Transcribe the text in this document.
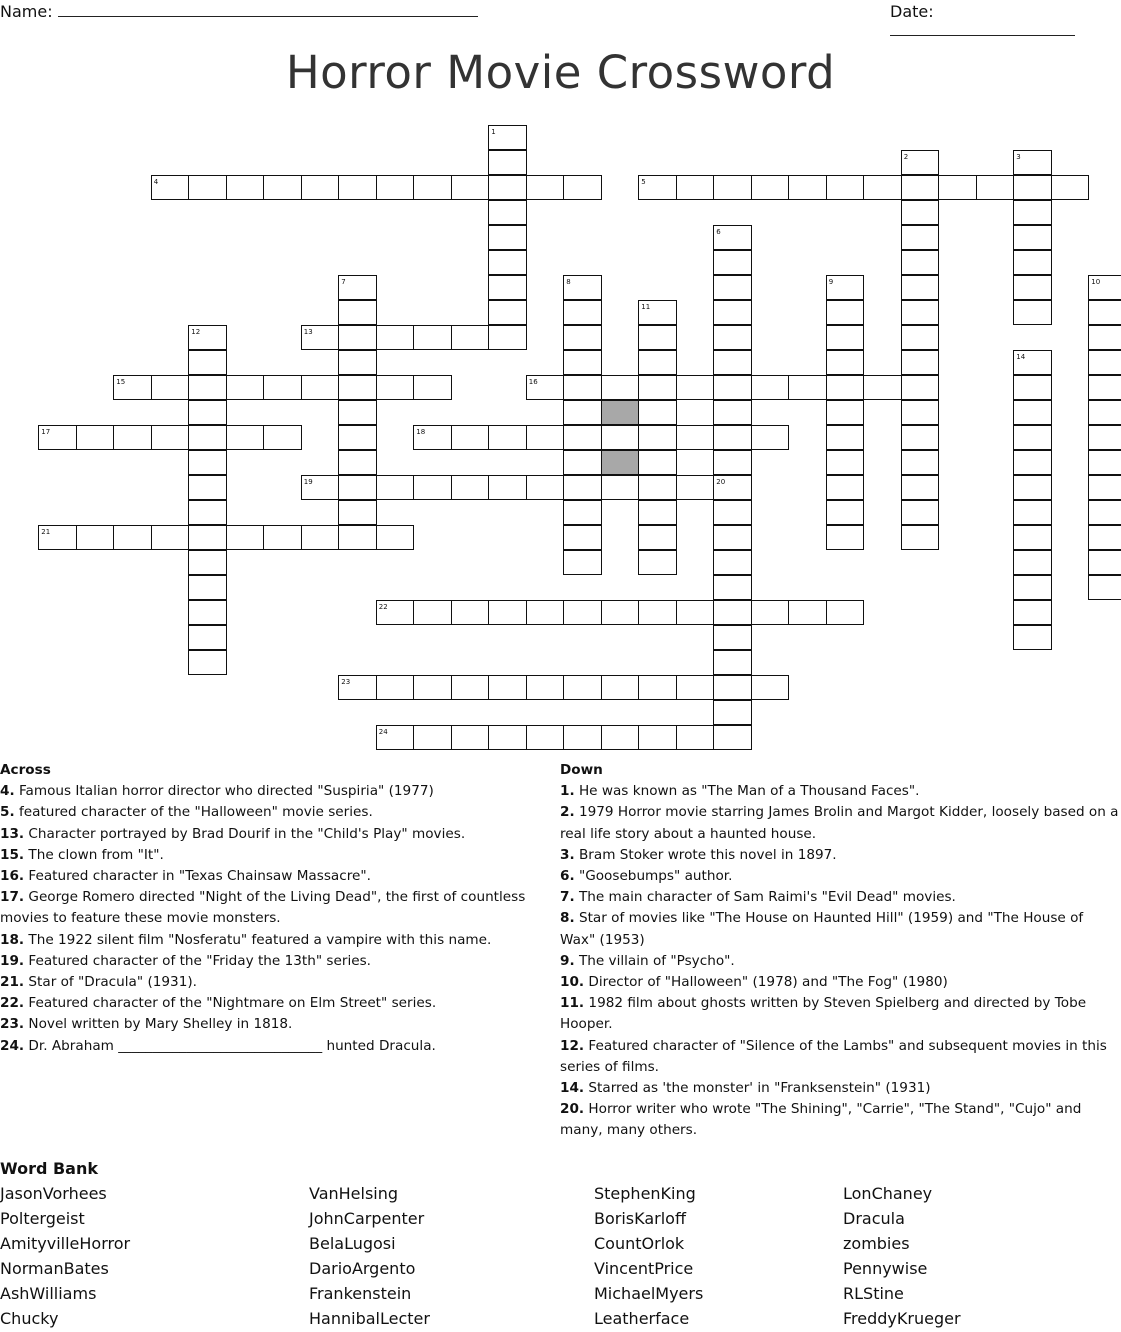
Name:	Date:
Horror Movie Crossword
1
2	3
4	5
6
7	8	9	10
11
12	13
14
15	16
17	18
19	20
21
22
23
24
Across
4. Famous Italian horror director who directed "Suspiria" (1977)
5. featured character of the "Halloween" movie series.
13. Character portrayed by Brad Dourif in the "Child's Play" movies.
15. The clown from "It".
16. Featured character in "Texas Chainsaw Massacre".
17. George Romero directed "Night of the Living Dead", the first of countless movies to feature these movie monsters.
18. The 1922 silent film "Nosferatu" featured a vampire with this name.
19. Featured character of the "Friday the 13th" series.
21. Star of "Dracula" (1931).
22. Featured character of the "Nightmare on Elm Street" series.
23. Novel written by Mary Shelley in 1818.
24. Dr. Abraham ______________________________ hunted Dracula.
Down
1. He was known as "The Man of a Thousand Faces".
2. 1979 Horror movie starring James Brolin and Margot Kidder, loosely based on a real life story about a haunted house.
3. Bram Stoker wrote this novel in 1897.
6. "Goosebumps" author.
7. The main character of Sam Raimi's "Evil Dead" movies.
8. Star of movies like "The House on Haunted Hill" (1959) and "The House of Wax" (1953)
9. The villain of "Psycho".
10. Director of "Halloween" (1978) and "The Fog" (1980)
11. 1982 film about ghosts written by Steven Spielberg and directed by Tobe Hooper.
12. Featured character of "Silence of the Lambs" and subsequent movies in this series of films.
14. Starred as 'the monster' in "Franksenstein" (1931)
20. Horror writer who wrote "The Shining", "Carrie", "The Stand", "Cujo" and many, many others.
Word Bank
JasonVorhees
Poltergeist
AmityvilleHorror
NormanBates
AshWilliams
Chucky
VanHelsing
JohnCarpenter
BelaLugosi
DarioArgento
Frankenstein
HannibalLecter
StephenKing
BorisKarloff
CountOrlok
VincentPrice
MichaelMyers
Leatherface
LonChaney
Dracula
zombies
Pennywise
RLStine
FreddyKrueger
